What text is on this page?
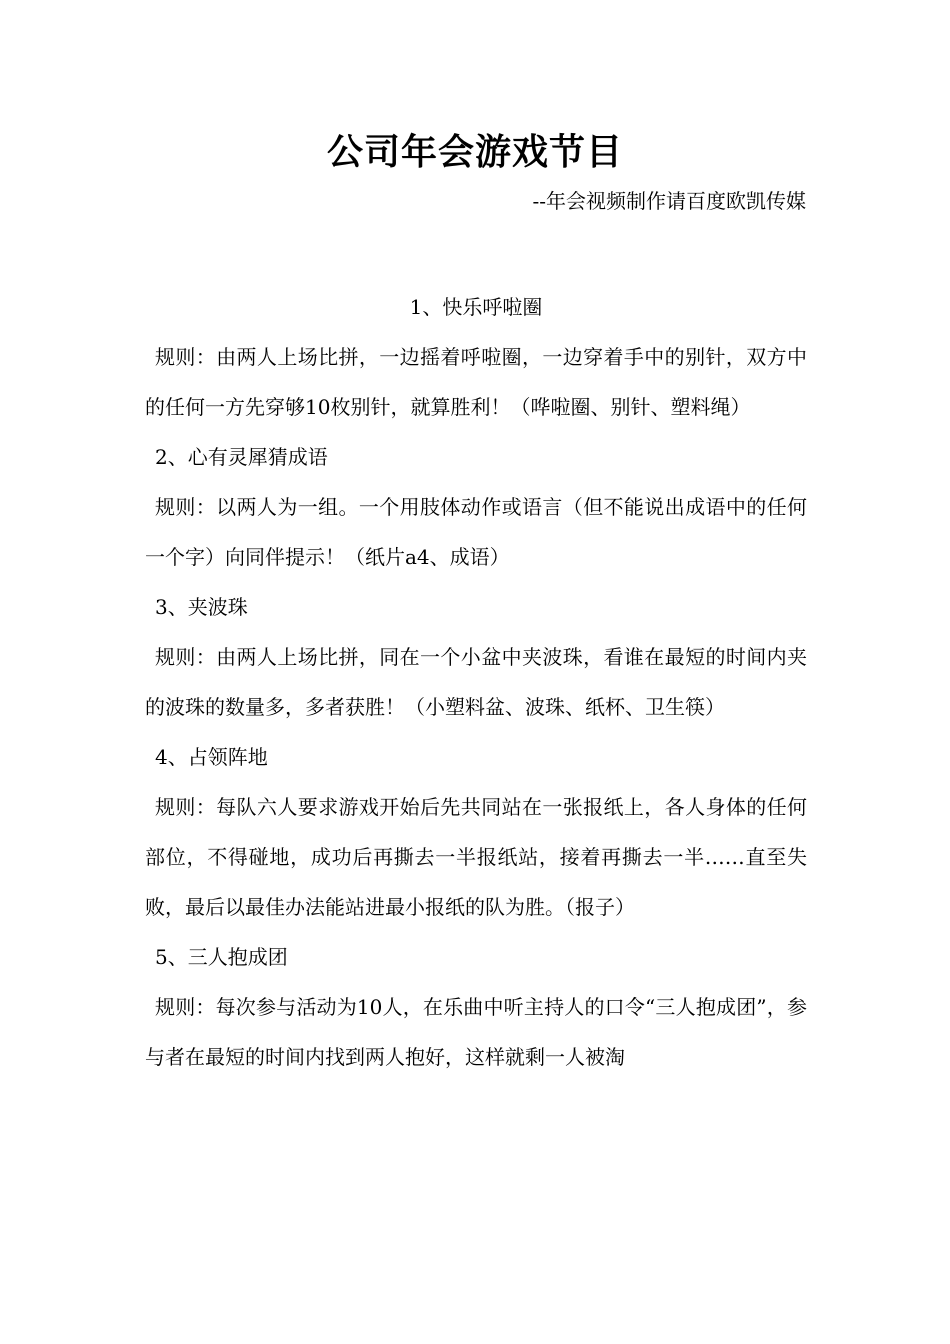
公司年会游戏节目
--年会视频制作请百度欧凯传媒

1、快乐呼啦圈

规则：由两人上场比拼，一边摇着呼啦圈，一边穿着手中的别针，双方中的任何一方先穿够10枚别针，就算胜利！（哗啦圈、别针、塑料绳）

2、心有灵犀猜成语

规则：以两人为一组。一个用肢体动作或语言（但不能说出成语中的任何一个字）向同伴提示！（纸片a4、成语）

3、夹波珠

规则：由两人上场比拼，同在一个小盆中夹波珠，看谁在最短的时间内夹的波珠的数量多，多者获胜！（小塑料盆、波珠、纸杯、卫生筷）

4、占领阵地

规则：每队六人要求游戏开始后先共同站在一张报纸上，各人身体的任何部位，不得碰地，成功后再撕去一半报纸站，接着再撕去一半……直至失败，最后以最佳办法能站进最小报纸的队为胜。（报子）

5、三人抱成团

规则：每次参与活动为10人，在乐曲中听主持人的口令“三人抱成团”，参与者在最短的时间内找到两人抱好，这样就剩一人被淘
